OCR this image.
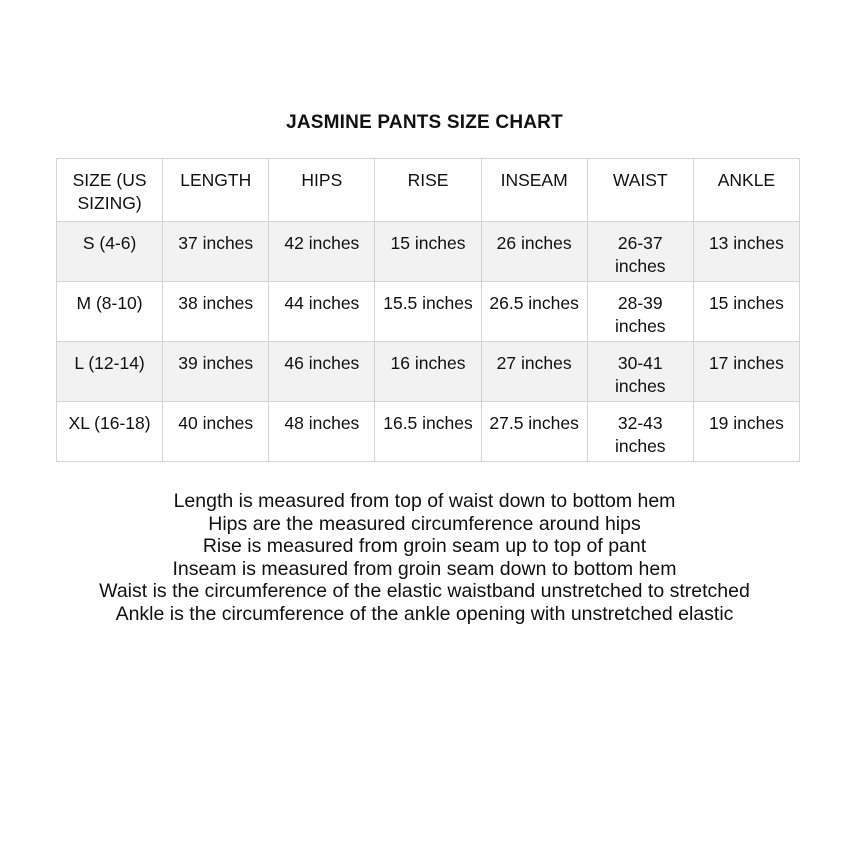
JASMINE PANTS SIZE CHART
SIZE (US SIZING)	LENGTH	HIPS	RISE	INSEAM	WAIST	ANKLE
S (4-6)	37 inches	42 inches	15 inches	26 inches	26-37 inches	13 inches
M (8-10)	38 inches	44 inches	15.5 inches	26.5 inches	28-39 inches	15 inches
L (12-14)	39 inches	46 inches	16 inches	27 inches	30-41 inches	17 inches
XL (16-18)	40 inches	48 inches	16.5 inches	27.5 inches	32-43 inches	19 inches
Length is measured from top of waist down to bottom hem
Hips are the measured circumference around hips
Rise is measured from groin seam up to top of pant
Inseam is measured from groin seam down to bottom hem
Waist is the circumference of the elastic waistband unstretched to stretched
Ankle is the circumference of the ankle opening with unstretched elastic
